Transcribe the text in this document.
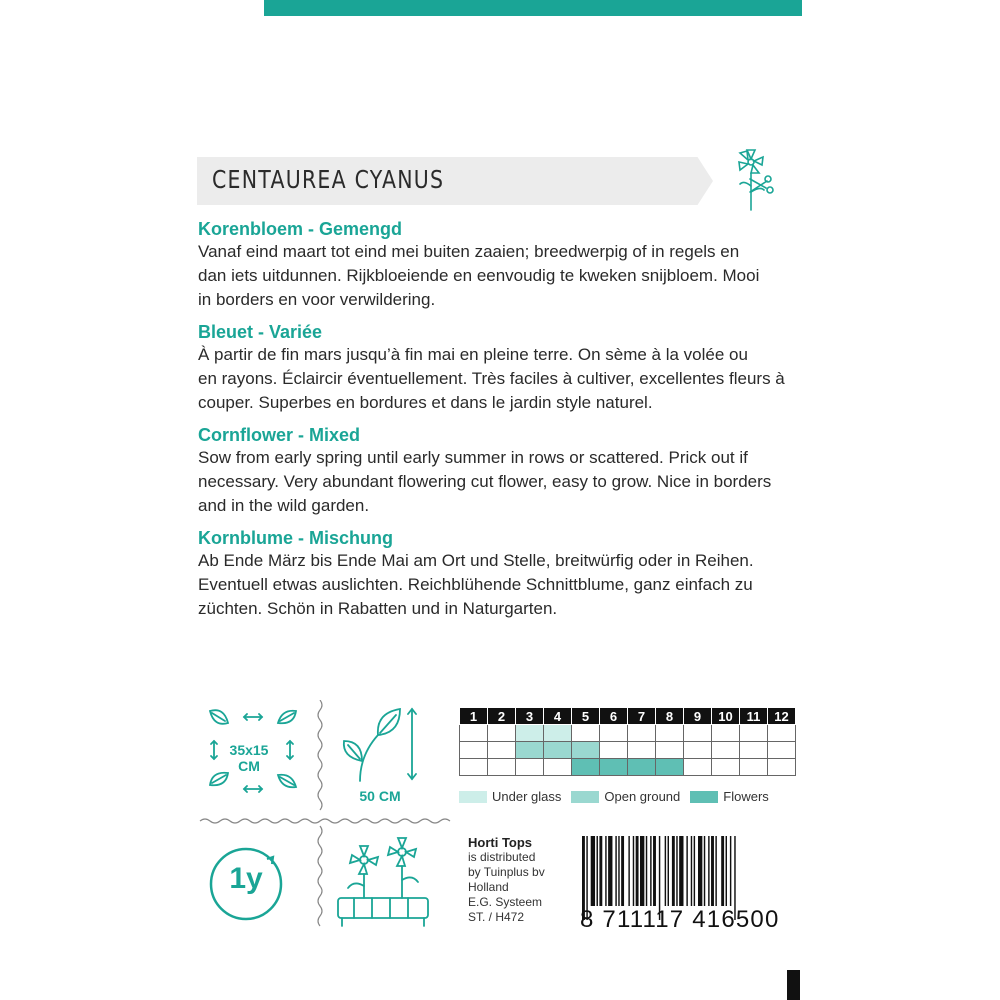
CENTAUREA CYANUS
Korenbloem - Gemengd
Vanaf eind maart tot eind mei buiten zaaien; breedwerpig of in regels en
dan iets uitdunnen. Rijkbloeiende en eenvoudig te kweken snijbloem. Mooi
in borders en voor verwildering.
Bleuet - Variée
À partir de fin mars jusqu’à fin mai en pleine terre. On sème à la volée ou
en rayons. Éclaircir éventuellement. Très faciles à cultiver, excellentes fleurs à
couper. Superbes en bordures et dans le jardin style naturel.
Cornflower - Mixed
Sow from early spring until early summer in rows or scattered. Prick out if
necessary. Very abundant flowering cut flower, easy to grow. Nice in borders
and in the wild garden.
Kornblume - Mischung
Ab Ende März bis Ende Mai am Ort und Stelle, breitwürfig oder in Reihen.
Eventuell etwas auslichten. Reichblühende Schnittblume, ganz einfach zu
züchten. Schön in Rabatten und in Naturgarten.
35x15
CM
50 CM
1y
1	2	3	4	5	6	7	8	9	10	11	12

Under glass	Open ground	Flowers
Horti Tops
is distributed
by Tuinplus bv
Holland
E.G. Systeem
ST. / H472	8 711117 416500
